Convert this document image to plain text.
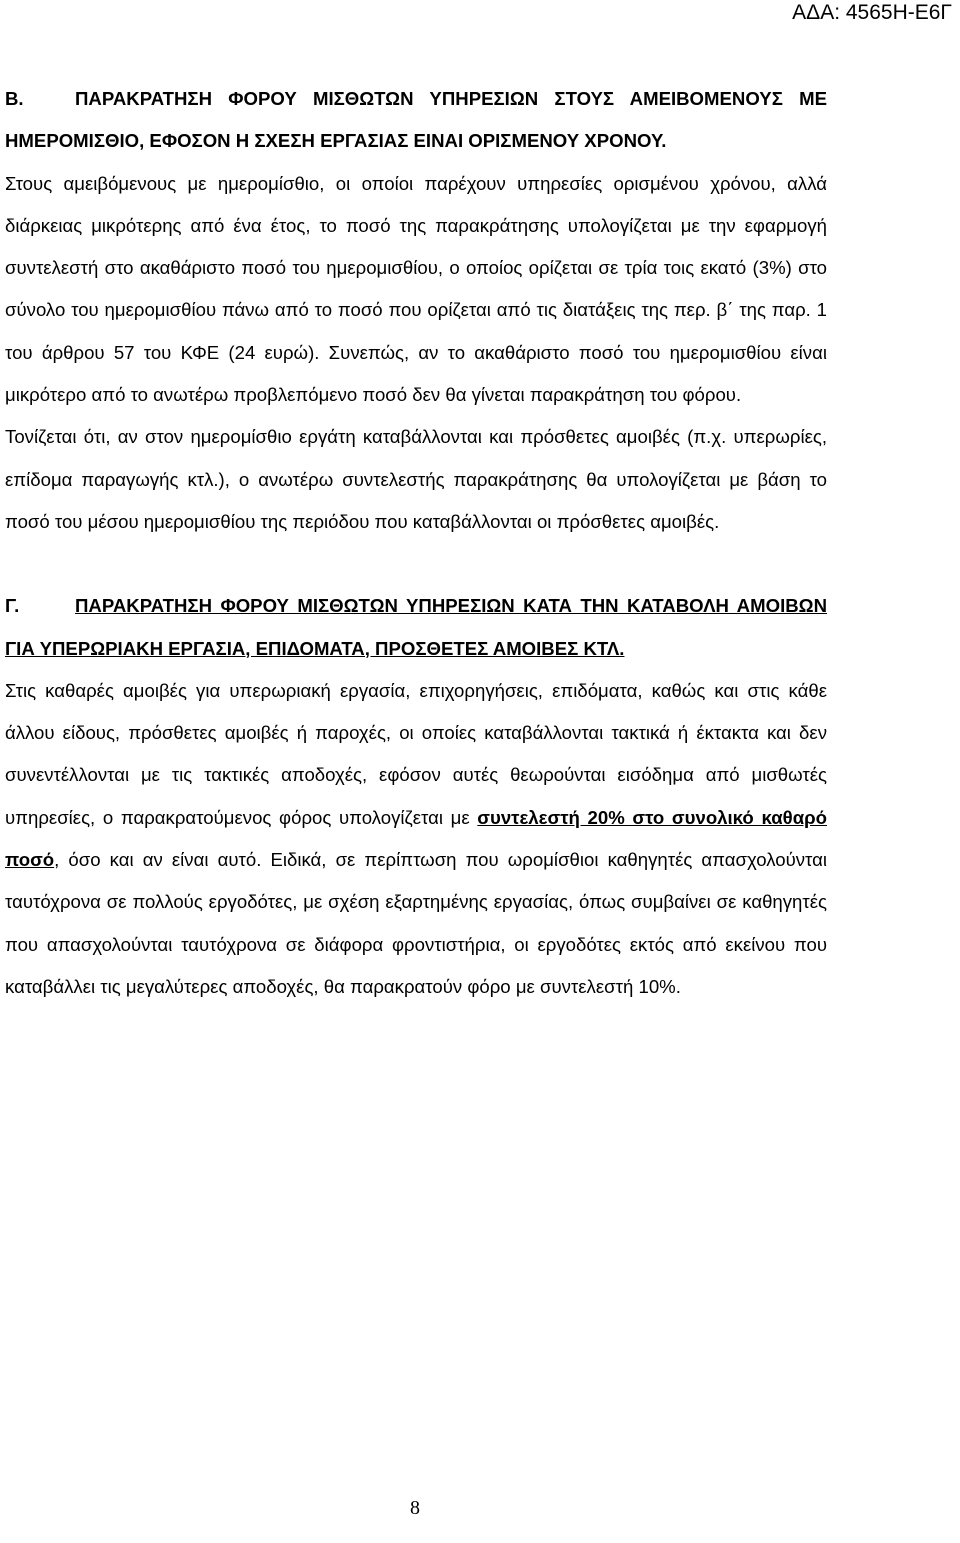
ΑΔΑ: 4565Η-Ε6Γ

Β.	ΠΑΡΑΚΡΑΤΗΣΗ ΦΟΡΟΥ ΜΙΣΘΩΤΩΝ ΥΠΗΡΕΣΙΩΝ ΣΤΟΥΣ ΑΜΕΙΒΟΜΕΝΟΥΣ ΜΕ ΗΜΕΡΟΜΙΣΘΙΟ, ΕΦΟΣΟΝ Η ΣΧΕΣΗ ΕΡΓΑΣΙΑΣ ΕΙΝΑΙ ΟΡΙΣΜΕΝΟΥ ΧΡΟΝΟΥ.

Στους αμειβόμενους με ημερομίσθιο, οι οποίοι παρέχουν υπηρεσίες ορισμένου χρόνου, αλλά διάρκειας μικρότερης από ένα έτος, το ποσό της παρακράτησης υπολογίζεται με την εφαρμογή συντελεστή στο ακαθάριστο ποσό του ημερομισθίου, ο οποίος ορίζεται σε τρία τοις εκατό (3%) στο σύνολο του ημερομισθίου πάνω από το ποσό που ορίζεται από τις διατάξεις της περ. β΄ της παρ. 1 του άρθρου 57 του ΚΦΕ (24 ευρώ). Συνεπώς, αν το ακαθάριστο ποσό του ημερομισθίου είναι μικρότερο από το ανωτέρω προβλεπόμενο ποσό δεν θα γίνεται παρακράτηση του φόρου.

Τονίζεται ότι, αν στον ημερομίσθιο εργάτη καταβάλλονται και πρόσθετες αμοιβές (π.χ. υπερωρίες, επίδομα παραγωγής κτλ.), ο ανωτέρω συντελεστής παρακράτησης θα υπολογίζεται με βάση το ποσό του μέσου ημερομισθίου της περιόδου που καταβάλλονται οι πρόσθετες αμοιβές.

Γ.	ΠΑΡΑΚΡΑΤΗΣΗ ΦΟΡΟΥ ΜΙΣΘΩΤΩΝ ΥΠΗΡΕΣΙΩΝ ΚΑΤΑ ΤΗΝ ΚΑΤΑΒΟΛΗ ΑΜΟΙΒΩΝ ΓΙΑ ΥΠΕΡΩΡΙΑΚΗ ΕΡΓΑΣΙΑ, ΕΠΙΔΟΜΑΤΑ, ΠΡΟΣΘΕΤΕΣ ΑΜΟΙΒΕΣ ΚΤΛ.

Στις καθαρές αμοιβές για υπερωριακή εργασία, επιχορηγήσεις, επιδόματα, καθώς και στις κάθε άλλου είδους, πρόσθετες αμοιβές ή παροχές, οι οποίες καταβάλλονται τακτικά ή έκτακτα και δεν συνεντέλλονται με τις τακτικές αποδοχές, εφόσον αυτές θεωρούνται εισόδημα από μισθωτές υπηρεσίες, ο παρακρατούμενος φόρος υπολογίζεται με συντελεστή 20% στο συνολικό καθαρό ποσό, όσο και αν είναι αυτό. Ειδικά, σε περίπτωση που ωρομίσθιοι καθηγητές απασχολούνται ταυτόχρονα σε πολλούς εργοδότες, με σχέση εξαρτημένης εργασίας, όπως συμβαίνει σε καθηγητές που απασχολούνται ταυτόχρονα σε διάφορα φροντιστήρια, οι εργοδότες εκτός από εκείνου που καταβάλλει τις μεγαλύτερες αποδοχές, θα παρακρατούν φόρο με συντελεστή 10%.

8
